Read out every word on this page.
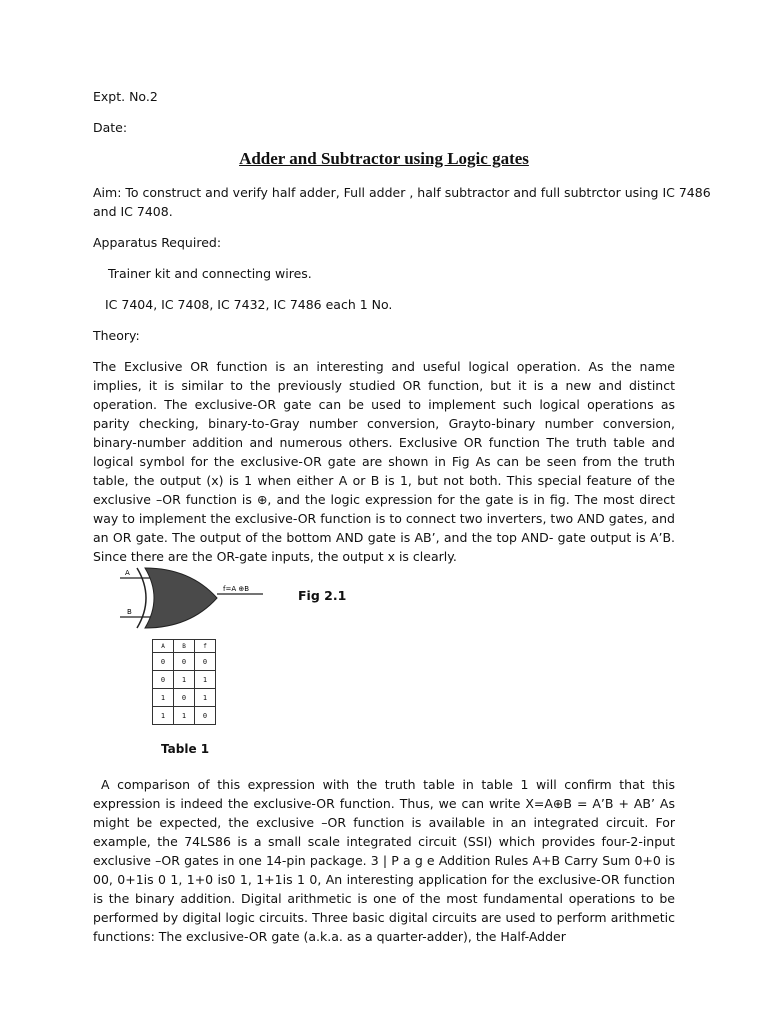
Expt. No.2
Date:
Adder and Subtractor using Logic gates
Aim: To construct and verify half adder, Full adder , half subtractor and full subtrctor using IC 7486
and IC 7408.
Apparatus Required:
Trainer kit and connecting wires.
IC 7404, IC 7408, IC 7432, IC 7486 each 1 No.
Theory:
The Exclusive OR function is an interesting and useful logical operation. As the name implies, it is similar to the previously studied OR function, but it is a new and distinct operation. The exclusive-OR gate can be used to implement such logical operations as parity checking, binary-to-Gray number conversion, Grayto-binary number conversion, binary-number addition and numerous others. Exclusive OR function The truth table and logical symbol for the exclusive-OR gate are shown in Fig As can be seen from the truth table, the output (x) is 1 when either A or B is 1, but not both. This special feature of the exclusive –OR function is ⊕, and the logic expression for the gate is in fig. The most direct way to implement the exclusive-OR function is to connect two inverters, two AND gates, and an OR gate. The output of the bottom AND gate is AB’, and the top AND- gate output is A’B. Since there are the OR-gate inputs, the output x is clearly.
A
B
f=A ⊕B	Fig 2.1
A	B	f
0	0	0
0	1	1
1	0	1
1	1	0
Table 1
A comparison of this expression with the truth table in table 1 will confirm that this expression is indeed the exclusive-OR function. Thus, we can write X=A⊕B = A’B + AB’ As might be expected, the exclusive –OR function is available in an integrated circuit. For example, the 74LS86 is a small scale integrated circuit (SSI) which provides four-2-input exclusive –OR gates in one 14-pin package. 3 | P a g e Addition Rules A+B Carry Sum 0+0 is 00, 0+1is 0 1, 1+0 is0 1, 1+1is 1 0, An interesting application for the exclusive-OR function is the binary addition. Digital arithmetic is one of the most fundamental operations to be performed by digital logic circuits. Three basic digital circuits are used to perform arithmetic functions: The exclusive-OR gate (a.k.a. as a quarter-adder), the Half-Adder
